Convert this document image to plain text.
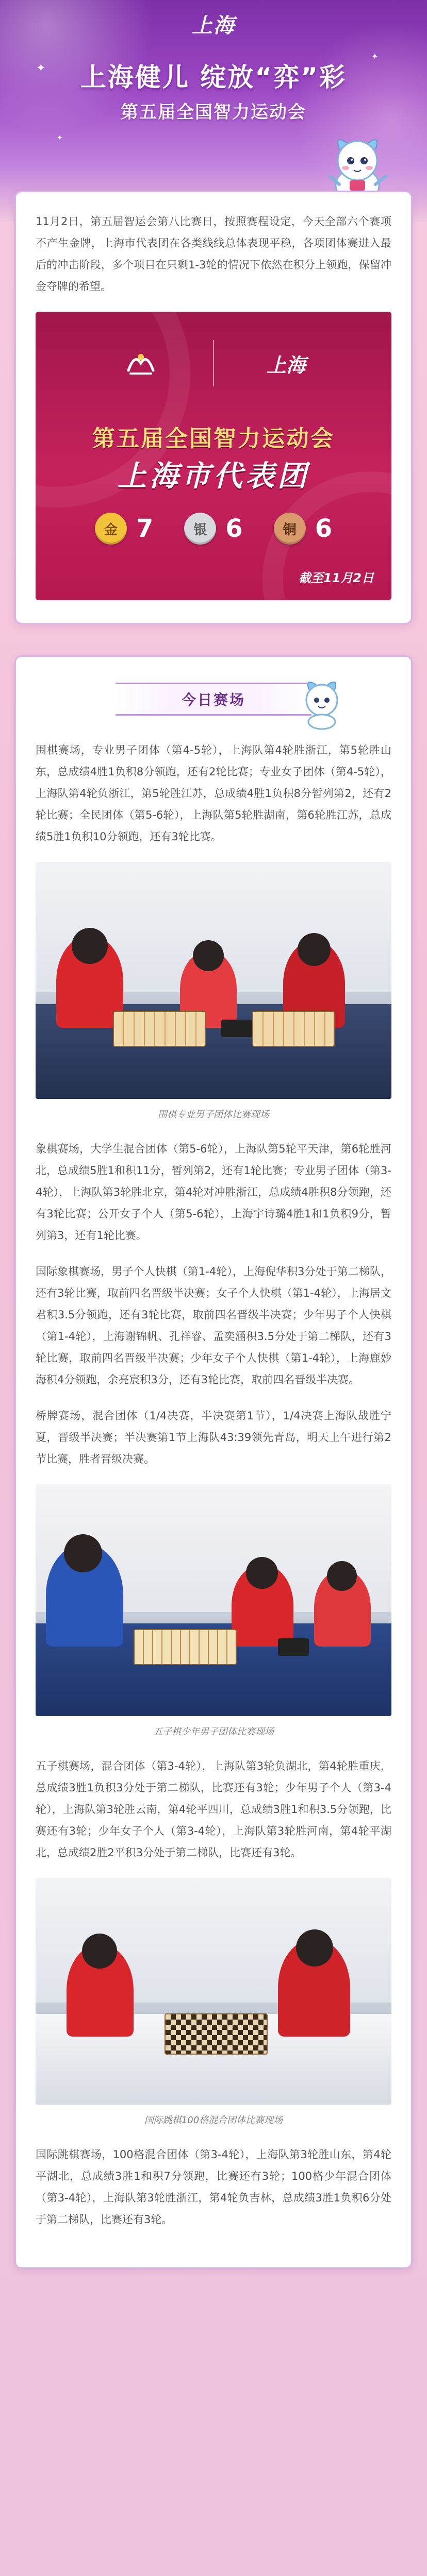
上海
✦
✦
✦
上海健儿 绽放“弈”彩
第五届全国智力运动会

11月2日，第五届智运会第八比赛日，按照赛程设定，今天全部六个赛项不产生金牌，上海市代表团在各类线线总体表现平稳，各项团体赛进入最后的冲击阶段，多个项目在只剩1-3轮的情况下依然在积分上领跑，保留冲金夺牌的希望。

上海
第五届全国智力运动会
上海市代表团
金 7	银 6	铜 6
截至11月2日
今日赛场

围棋赛场，专业男子团体（第4-5轮），上海队第4轮胜浙江，第5轮胜山东，总成绩4胜1负积8分领跑，还有2轮比赛；专业女子团体（第4-5轮），上海队第4轮负浙江，第5轮胜江苏，总成绩4胜1负积8分暂列第2，还有2轮比赛；全民团体（第5-6轮），上海队第5轮胜湖南，第6轮胜江苏，总成绩5胜1负积10分领跑，还有3轮比赛。

围棋专业男子团体比赛现场

象棋赛场，大学生混合团体（第5-6轮），上海队第5轮平天津，第6轮胜河北，总成绩5胜1和积11分，暂列第2，还有1轮比赛；专业男子团体（第3-4轮），上海队第3轮胜北京，第4轮对冲胜浙江，总成绩4胜积8分领跑，还有3轮比赛；公开女子个人（第5-6轮），上海宇诗璐4胜1和1负积9分，暂列第3，还有1轮比赛。

国际象棋赛场，男子个人快棋（第1-4轮），上海倪华积3分处于第二梯队，还有3轮比赛，取前四名晋级半决赛；女子个人快棋（第1-4轮），上海居文君积3.5分领跑，还有3轮比赛，取前四名晋级半决赛；少年男子个人快棋（第1-4轮），上海谢锦帆、孔祥睿、孟奕涵积3.5分处于第二梯队，还有3轮比赛，取前四名晋级半决赛；少年女子个人快棋（第1-4轮），上海鹿妙海积4分领跑，余亮宸积3分，还有3轮比赛，取前四名晋级半决赛。

桥牌赛场，混合团体（1/4决赛，半决赛第1节），1/4决赛上海队战胜宁夏，晋级半决赛；半决赛第1节上海队43:39领先青岛，明天上午进行第2节比赛，胜者晋级决赛。

五子棋少年男子团体比赛现场

五子棋赛场，混合团体（第3-4轮），上海队第3轮负湖北，第4轮胜重庆，总成绩3胜1负积3分处于第二梯队，比赛还有3轮；少年男子个人（第3-4轮），上海队第3轮胜云南，第4轮平四川，总成绩3胜1和积3.5分领跑，比赛还有3轮；少年女子个人（第3-4轮），上海队第3轮胜河南，第4轮平湖北，总成绩2胜2平积3分处于第二梯队，比赛还有3轮。

国际跳棋100格混合团体比赛现场

国际跳棋赛场，100格混合团体（第3-4轮），上海队第3轮胜山东，第4轮平湖北，总成绩3胜1和积7分领跑，比赛还有3轮；100格少年混合团体（第3-4轮），上海队第3轮胜浙江，第4轮负吉林，总成绩3胜1负积6分处于第二梯队，比赛还有3轮。
